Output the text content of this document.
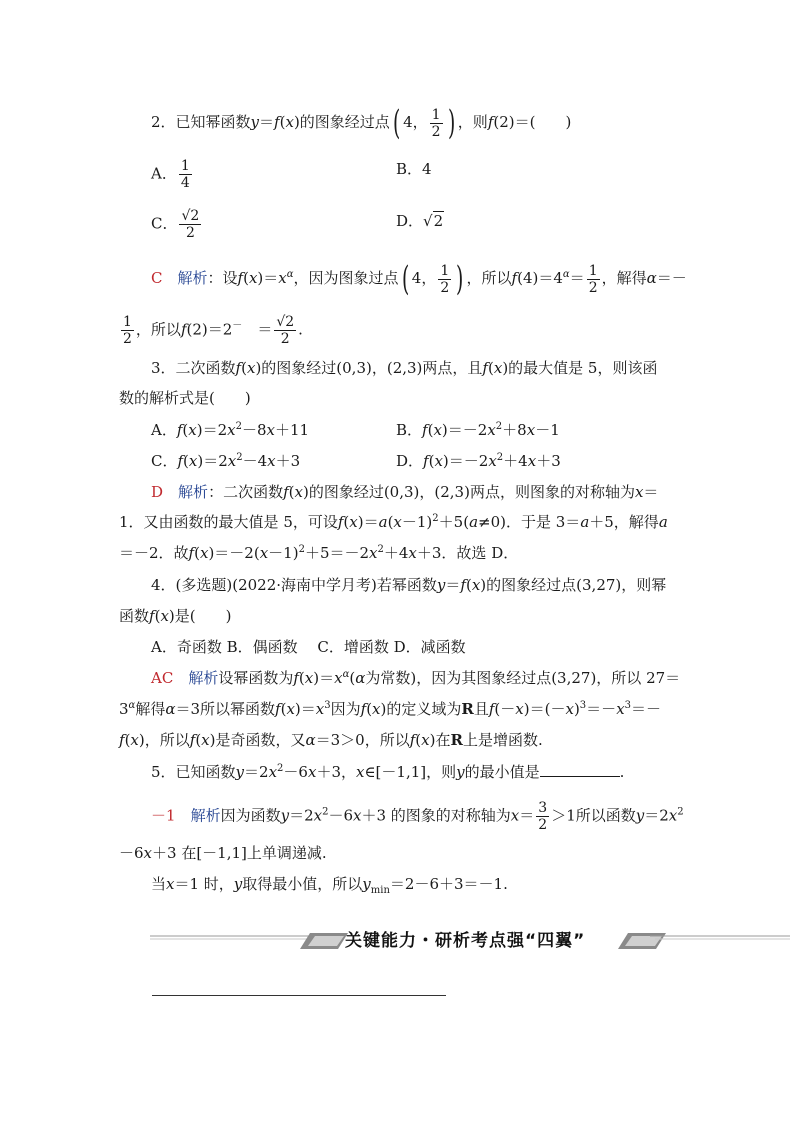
2．已知幂函数y＝f(x)的图象经过点( 4， $\frac{1}{2}$ ) ，则f(2)＝(　　)
A． $\frac{1}{4}$	B．4
C． $\frac{√2}{2}$	D．√2
C　 解析：设$f(x)=x^\alpha$，因为图象过点( 4， $\frac{1}{2}$ ) ，所以$f(4)=4^\alpha= \frac{1}{2}$ ，解得α＝－
$\frac{1}{2}$ ，所以f(2)＝2－　 ＝ $\frac{√2}{2}$ .
3．二次函数f(x)的图象经过(0,3)，(2,3)两点，且f(x)的最大值是 5，则该函
数的解析式是(　　)
A．$f(x)=2x^2-8x+11$	B．$f(x)=-2x^2+8x-1$
C．$f(x)=2x^2-4x+3$	D．$f(x)=-2x^2+4x+3$
D　 解析：二次函数f(x)的图象经过(0,3)，(2,3)两点，则图象的对称轴为x＝
1．又由函数的最大值是 5，可设$f(x)=a(x-1)^2+5(a\ne 0)$．于是 3＝a＋5，解得a
＝－2．故$f(x)=-2(x-1)^2+5=-2x^2+4x+3$．故选 D．
4．(多选题)(2022·海南中学月考)若幂函数y＝f(x)的图象经过点(3,27)，则幂
函数f(x)是(　　)
A．奇函数 B．偶函数　 C．增函数 D．减函数
AC　 解析设幂函数为$f(x)=x^\alpha(\alpha$为常数)，因为其图象经过点(3,27)，所以 27＝
$3^\alpha$解得α＝3所以幂函数$f(x)=x^3$因为f(x)的定义域为R且$f(-x)=(-x)^3=-x^3=-$
f(x)，所以f(x)是奇函数，又α＝3＞0，所以f(x)在R上是增函数.
5．已知函数$y=2x^2-6x+3$，x∈[－1,1]，则y的最小值是	.
－1　 解析因为函数$y=2x^2-6x+3$ 的图象的对称轴为$x= \frac{3}{2} >1$所以函数$y=2x^2$
－6x＋3 在[－1,1]上单调递减.
当x＝1 时，y取得最小值，所以$y_{min}=2-6+3=-1$.
关键能力・研析考点强“四翼”
